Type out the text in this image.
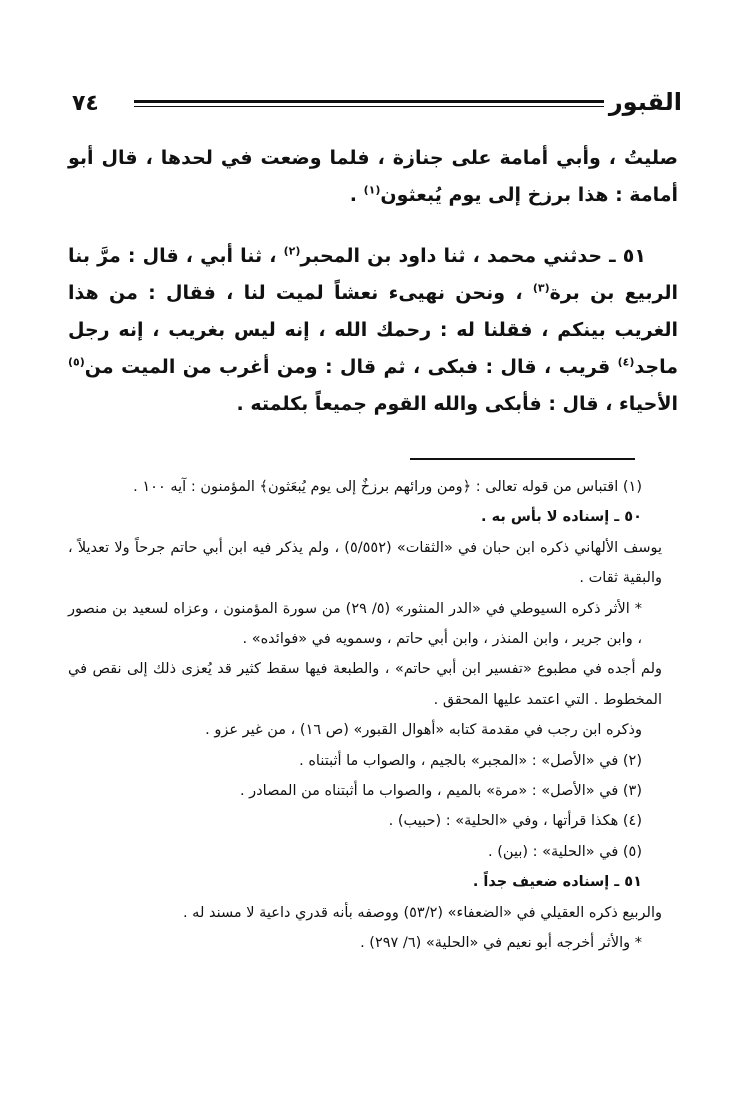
٧٤	القبور

صليتُ ، وأبي أمامة على جنازة ، فلما وضعت في لحدها ، قال أبو أمامة : هذا برزخ إلى يوم يُبعثون$^{(١)}$ .

٥١ ـ حدثني محمد ، ثنا داود بن المحبر$^{(٢)}$ ، ثنا أبي ، قال : مرَّ بنا الربيع بن برة$^{(٣)}$ ، ونحن نهيىء نعشاً لميت لنا ، فقال : من هذا الغريب بينكم ، فقلنا له : رحمك الله ، إنه ليس بغريب ، إنه رجل ماجد$^{(٤)}$ قريب ، قال : فبكى ، ثم قال : ومن أغرب من الميت من$^{(٥)}$ الأحياء ، قال : فأبكى والله القوم جميعاً بكلمته .

(١) اقتباس من قوله تعالى : ﴿ومن ورائهم برزخٌ إلى يوم يُبعَثون﴾ المؤمنون : آيه ١٠٠ .

٥٠ ـ إسناده لا بأس به .

يوسف الألهاني ذكره ابن حبان في «الثقات» (٥/٥٥٢) ، ولم يذكر فيه ابن أبي حاتم جرحاً ولا تعديلاً ، والبقية ثقات .

* الأثر ذكره السيوطي في «الدر المنثور» (٥/ ٢٩) من سورة المؤمنون ، وعزاه لسعيد بن منصور ، وابن جرير ، وابن المنذر ، وابن أبي حاتم ، وسمويه في «فوائده» .

ولم أجده في مطبوع «تفسير ابن أبي حاتم» ، والطبعة فيها سقط كثير قد يُعزى ذلك إلى نقص في المخطوط . التي اعتمد عليها المحقق .

وذكره ابن رجب في مقدمة كتابه «أهوال القبور» (ص ١٦) ، من غير عزو .

(٢) في «الأصل» : «المجبر» بالجيم ، والصواب ما أثبتناه .

(٣) في «الأصل» : «مرة» بالميم ، والصواب ما أثبتناه من المصادر .

(٤) هكذا قرأتها ، وفي «الحلية» : (حبيب) .

(٥) في «الحلية» : (بين) .

٥١ ـ إسناده ضعيف جداً .

والربيع ذكره العقيلي في «الضعفاء» (٥٣/٢) ووصفه بأنه قدري داعية لا مسند له .

* والأثر أخرجه أبو نعيم في «الحلية» (٦/ ٢٩٧) .
